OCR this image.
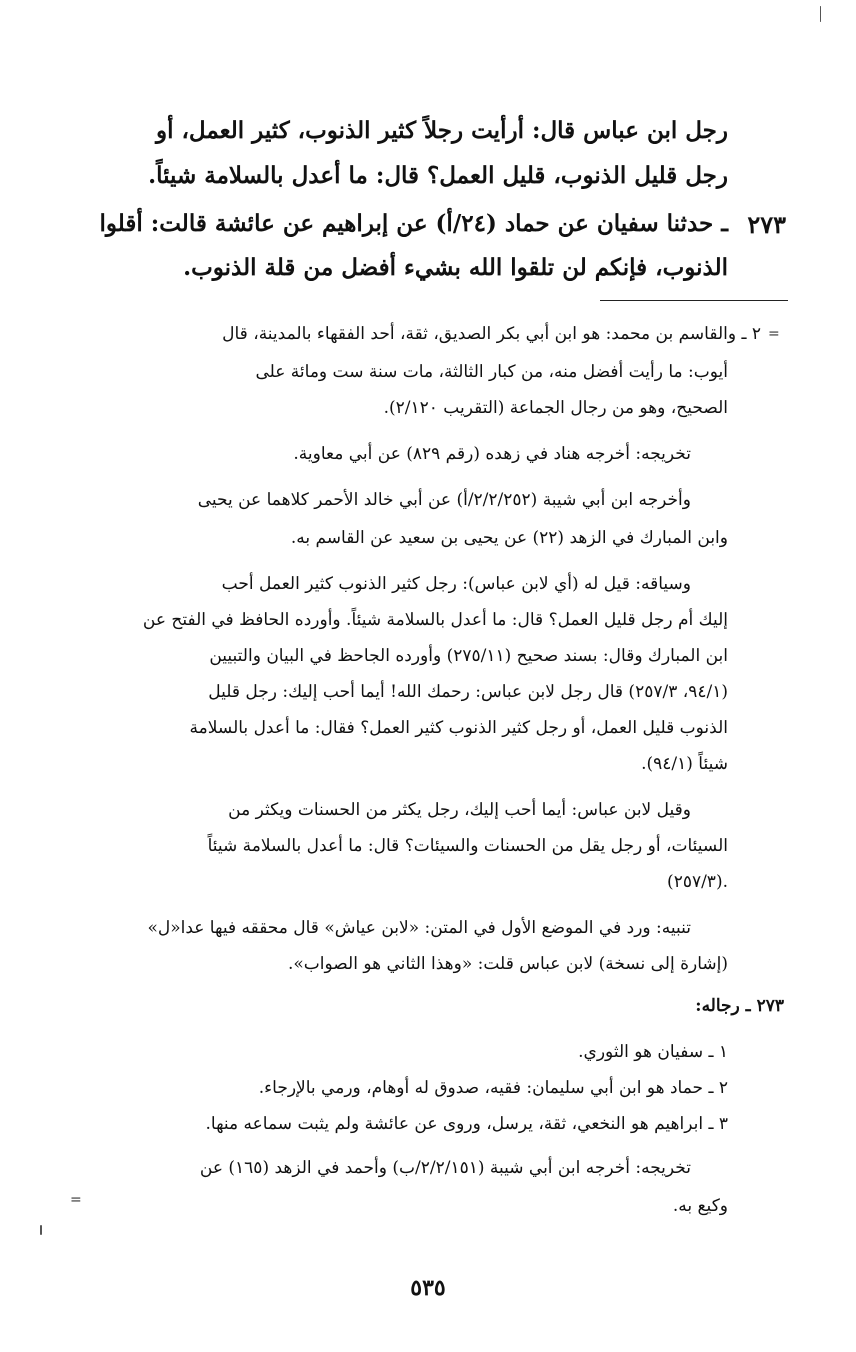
رجل ابن عباس قال: أرأيت رجلاً كثير الذنوب، كثير العمل، أو
رجل قليل الذنوب، قليل العمل؟ قال: ما أعدل بالسلامة شيئاً.
٢٧٣
ـ حدثنا سفيان عن حماد (٢٤/أ) عن إبراهيم عن عائشة قالت: أقلوا
الذنوب، فإنكم لن تلقوا الله بشيء أفضل من قلة الذنوب.
=
٢ ـ والقاسم بن محمد: هو ابن أبي بكر الصديق، ثقة، أحد الفقهاء بالمدينة، قال
أيوب: ما رأيت أفضل منه، من كبار الثالثة، مات سنة ست ومائة على
الصحيح، وهو من رجال الجماعة (التقريب ٢/١٢٠).
تخريجه: أخرجه هناد في زهده (رقم ٨٢٩) عن أبي معاوية.
وأخرجه ابن أبي شيبة (٢/٢/٢٥٢/أ) عن أبي خالد الأحمر كلاهما عن يحيى
وابن المبارك في الزهد (٢٢) عن يحيى بن سعيد عن القاسم به.
وسياقه: قيل له (أي لابن عباس): رجل كثير الذنوب كثير العمل أحب
إليك أم رجل قليل العمل؟ قال: ما أعدل بالسلامة شيئاً. وأورده الحافظ في الفتح عن
ابن المبارك وقال: بسند صحيح (٢٧٥/١١) وأورده الجاحظ في البيان والتبيين
(٩٤/١، ٢٥٧/٣) قال رجل لابن عباس: رحمك الله! أيما أحب إليك: رجل قليل
الذنوب قليل العمل، أو رجل كثير الذنوب كثير العمل؟ فقال: ما أعدل بالسلامة
شيئاً (٩٤/١).
وقيل لابن عباس: أيما أحب إليك، رجل يكثر من الحسنات ويكثر من
السيئات، أو رجل يقل من الحسنات والسيئات؟ قال: ما أعدل بالسلامة شيئاً
(٢٥٧/٣).
تنبيه: ورد في الموضع الأول في المتن: «لابن عياش» قال محققه فيها عدا«ل»
(إشارة إلى نسخة) لابن عباس قلت: «وهذا الثاني هو الصواب».
٢٧٣ ـ رجاله:
١ ـ سفيان هو الثوري.
٢ ـ حماد هو ابن أبي سليمان: فقيه، صدوق له أوهام، ورمي بالإرجاء.
٣ ـ ابراهيم هو النخعي، ثقة، يرسل، وروى عن عائشة ولم يثبت سماعه منها.
تخريجه: أخرجه ابن أبي شيبة (٢/٢/١٥١/ب) وأحمد في الزهد (١٦٥) عن
وكيع به.
=
٥٣٥
